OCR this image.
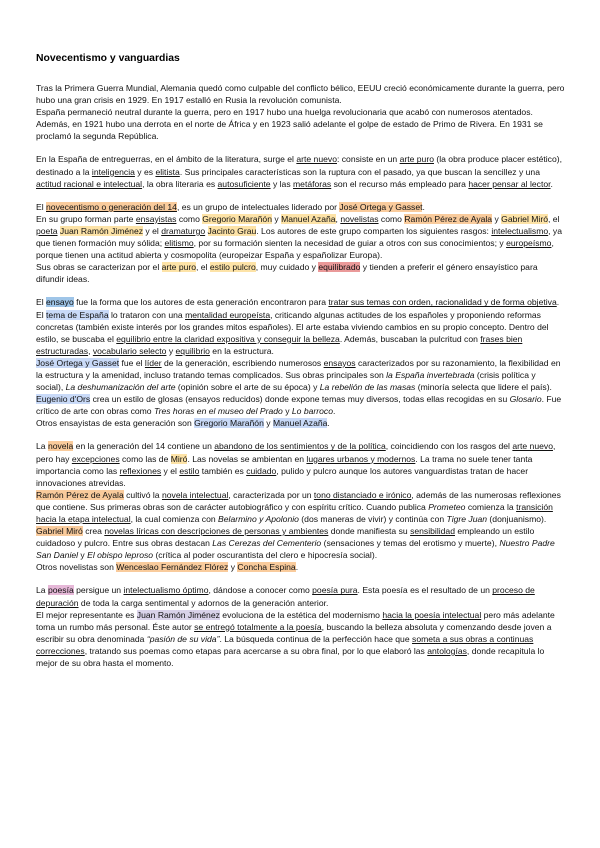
Novecentismo y vanguardias

Tras la Primera Guerra Mundial, Alemania quedó como culpable del conflicto bélico, EEUU creció económicamente durante la guerra, pero hubo una gran crisis en 1929. En 1917 estalló en Rusia la revolución comunista.

España permaneció neutral durante la guerra, pero en 1917 hubo una huelga revolucionaria que acabó con numerosos atentados. Además, en 1921 hubo una derrota en el norte de África y en 1923 salió adelante el golpe de estado de Primo de Rivera. En 1931 se proclamó la segunda República.

En la España de entreguerras, en el ámbito de la literatura, surge el arte nuevo: consiste en un arte puro (la obra produce placer estético), destinado a la inteligencia y es elitista. Sus principales características son la ruptura con el pasado, ya que buscan la sencillez y una actitud racional e intelectual, la obra literaria es autosuficiente y las metáforas son el recurso más empleado para hacer pensar al lector.

El novecentismo o generación del 14, es un grupo de intelectuales liderado por José Ortega y Gasset.

En su grupo forman parte ensayistas como Gregorio Marañón y Manuel Azaña, novelistas como Ramón Pérez de Ayala y Gabriel Miró, el poeta Juan Ramón Jiménez y el dramaturgo Jacinto Grau. Los autores de este grupo comparten los siguientes rasgos: intelectualismo, ya que tienen formación muy sólida; elitismo, por su formación sienten la necesidad de guiar a otros con sus conocimientos; y europeísmo, porque tienen una actitud abierta y cosmopolita (europeizar España y españolizar Europa).

Sus obras se caracterizan por el arte puro, el estilo pulcro, muy cuidado y equilibrado y tienden a preferir el género ensayístico para difundir ideas.

El ensayo fue la forma que los autores de esta generación encontraron para tratar sus temas con orden, racionalidad y de forma objetiva. El tema de España lo trataron con una mentalidad europeísta, criticando algunas actitudes de los españoles y proponiendo reformas concretas (también existe interés por los grandes mitos españoles). El arte estaba viviendo cambios en su propio concepto. Dentro del estilo, se buscaba el equilibrio entre la claridad expositiva y conseguir la belleza. Además, buscaban la pulcritud con frases bien estructuradas, vocabulario selecto y equilibrio en la estructura.

José Ortega y Gasset fue el líder de la generación, escribiendo numerosos ensayos caracterizados por su razonamiento, la flexibilidad en la estructura y la amenidad, incluso tratando temas complicados. Sus obras principales son la España invertebrada (crisis política y social), La deshumanización del arte (opinión sobre el arte de su época) y La rebelión de las masas (minoría selecta que lidere el país).

Eugenio d'Ors crea un estilo de glosas (ensayos reducidos) donde expone temas muy diversos, todas ellas recogidas en su Glosario. Fue crítico de arte con obras como Tres horas en el museo del Prado y Lo barroco.

Otros ensayistas de esta generación son Gregorio Marañón y Manuel Azaña.

La novela en la generación del 14 contiene un abandono de los sentimientos y de la política, coincidiendo con los rasgos del arte nuevo, pero hay excepciones como las de Miró. Las novelas se ambientan en lugares urbanos y modernos. La trama no suele tener tanta importancia como las reflexiones y el estilo también es cuidado, pulido y pulcro aunque los autores vanguardistas tratan de hacer innovaciones atrevidas.

Ramón Pérez de Ayala cultivó la novela intelectual, caracterizada por un tono distanciado e irónico, además de las numerosas reflexiones que contiene. Sus primeras obras son de carácter autobiográfico y con espíritu crítico. Cuando publica Prometeo comienza la transición hacia la etapa intelectual, la cual comienza con Belarmino y Apolonio (dos maneras de vivir) y continúa con Tigre Juan (donjuanismo).

Gabriel Miró crea novelas líricas con descripciones de personas y ambientes donde manifiesta su sensibilidad empleando un estilo cuidadoso y pulcro. Entre sus obras destacan Las Cerezas del Cementerio (sensaciones y temas del erotismo y muerte), Nuestro Padre San Daniel y El obispo leproso (crítica al poder oscurantista del clero e hipocresía social).

Otros novelistas son Wenceslao Fernández Flórez y Concha Espina.

La poesía persigue un intelectualismo óptimo, dándose a conocer como poesía pura. Esta poesía es el resultado de un proceso de depuración de toda la carga sentimental y adornos de la generación anterior.

El mejor representante es Juan Ramón Jiménez evoluciona de la estética del modernismo hacia la poesía intelectual pero más adelante toma un rumbo más personal. Éste autor se entregó totalmente a la poesía, buscando la belleza absoluta y comenzando desde joven a escribir su obra denominada “pasión de su vida”. La búsqueda continua de la perfección hace que someta a sus obras a continuas correcciones, tratando sus poemas como etapas para acercarse a su obra final, por lo que elaboró las antologías, donde recapitula lo mejor de su obra hasta el momento.
